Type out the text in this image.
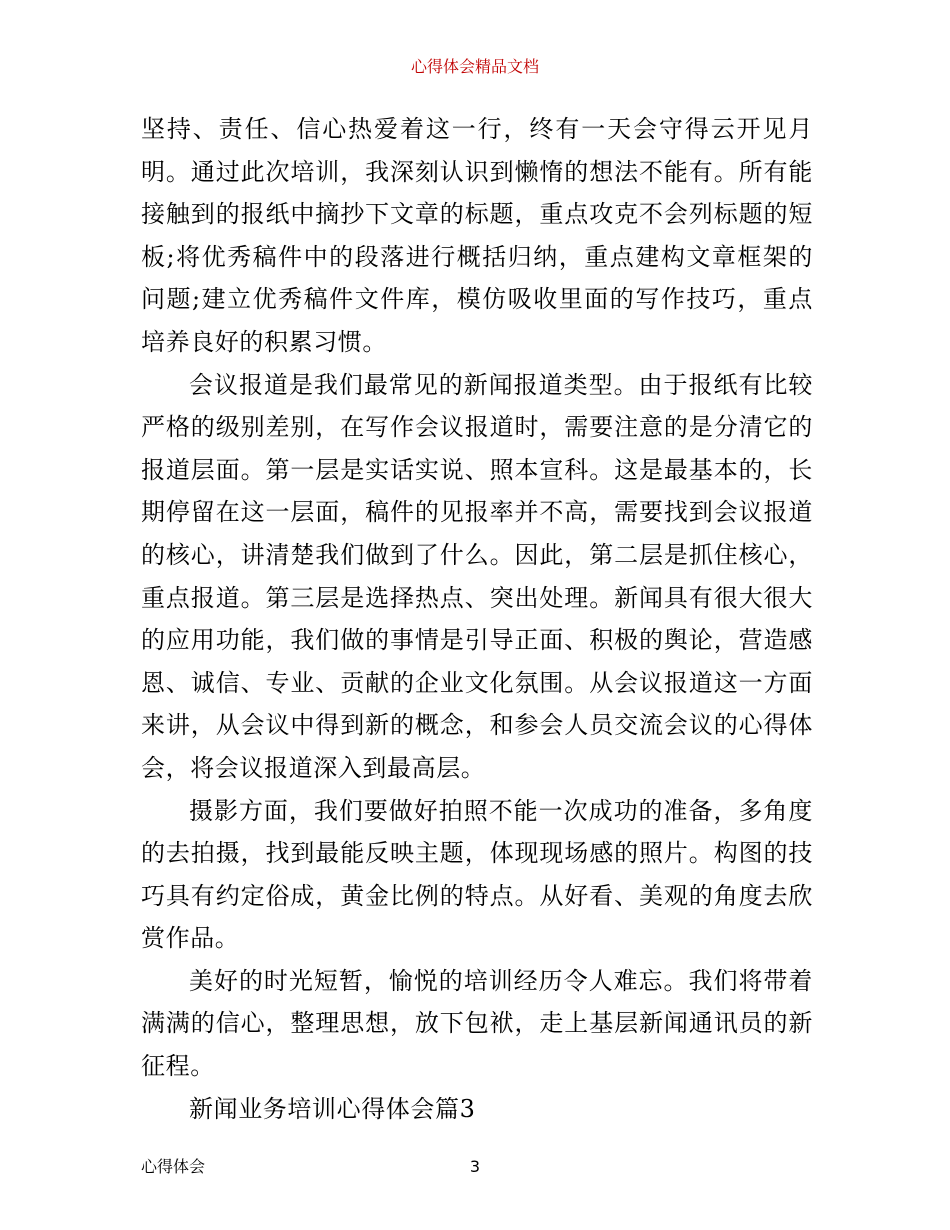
心得体会精品文档

坚持、责任、信心热爱着这一行，终有一天会守得云开见月明。通过此次培训，我深刻认识到懒惰的想法不能有。所有能接触到的报纸中摘抄下文章的标题，重点攻克不会列标题的短板;将优秀稿件中的段落进行概括归纳，重点建构文章框架的问题;建立优秀稿件文件库，模仿吸收里面的写作技巧，重点培养良好的积累习惯。

会议报道是我们最常见的新闻报道类型。由于报纸有比较严格的级别差别，在写作会议报道时，需要注意的是分清它的报道层面。第一层是实话实说、照本宣科。这是最基本的，长期停留在这一层面，稿件的见报率并不高，需要找到会议报道的核心，讲清楚我们做到了什么。因此，第二层是抓住核心，重点报道。第三层是选择热点、突出处理。新闻具有很大很大的应用功能，我们做的事情是引导正面、积极的舆论，营造感恩、诚信、专业、贡献的企业文化氛围。从会议报道这一方面来讲，从会议中得到新的概念，和参会人员交流会议的心得体会，将会议报道深入到最高层。

摄影方面，我们要做好拍照不能一次成功的准备，多角度的去拍摄，找到最能反映主题，体现现场感的照片。构图的技巧具有约定俗成，黄金比例的特点。从好看、美观的角度去欣赏作品。

美好的时光短暂，愉悦的培训经历令人难忘。我们将带着满满的信心，整理思想，放下包袱，走上基层新闻通讯员的新征程。

新闻业务培训心得体会篇3

心得体会	3
